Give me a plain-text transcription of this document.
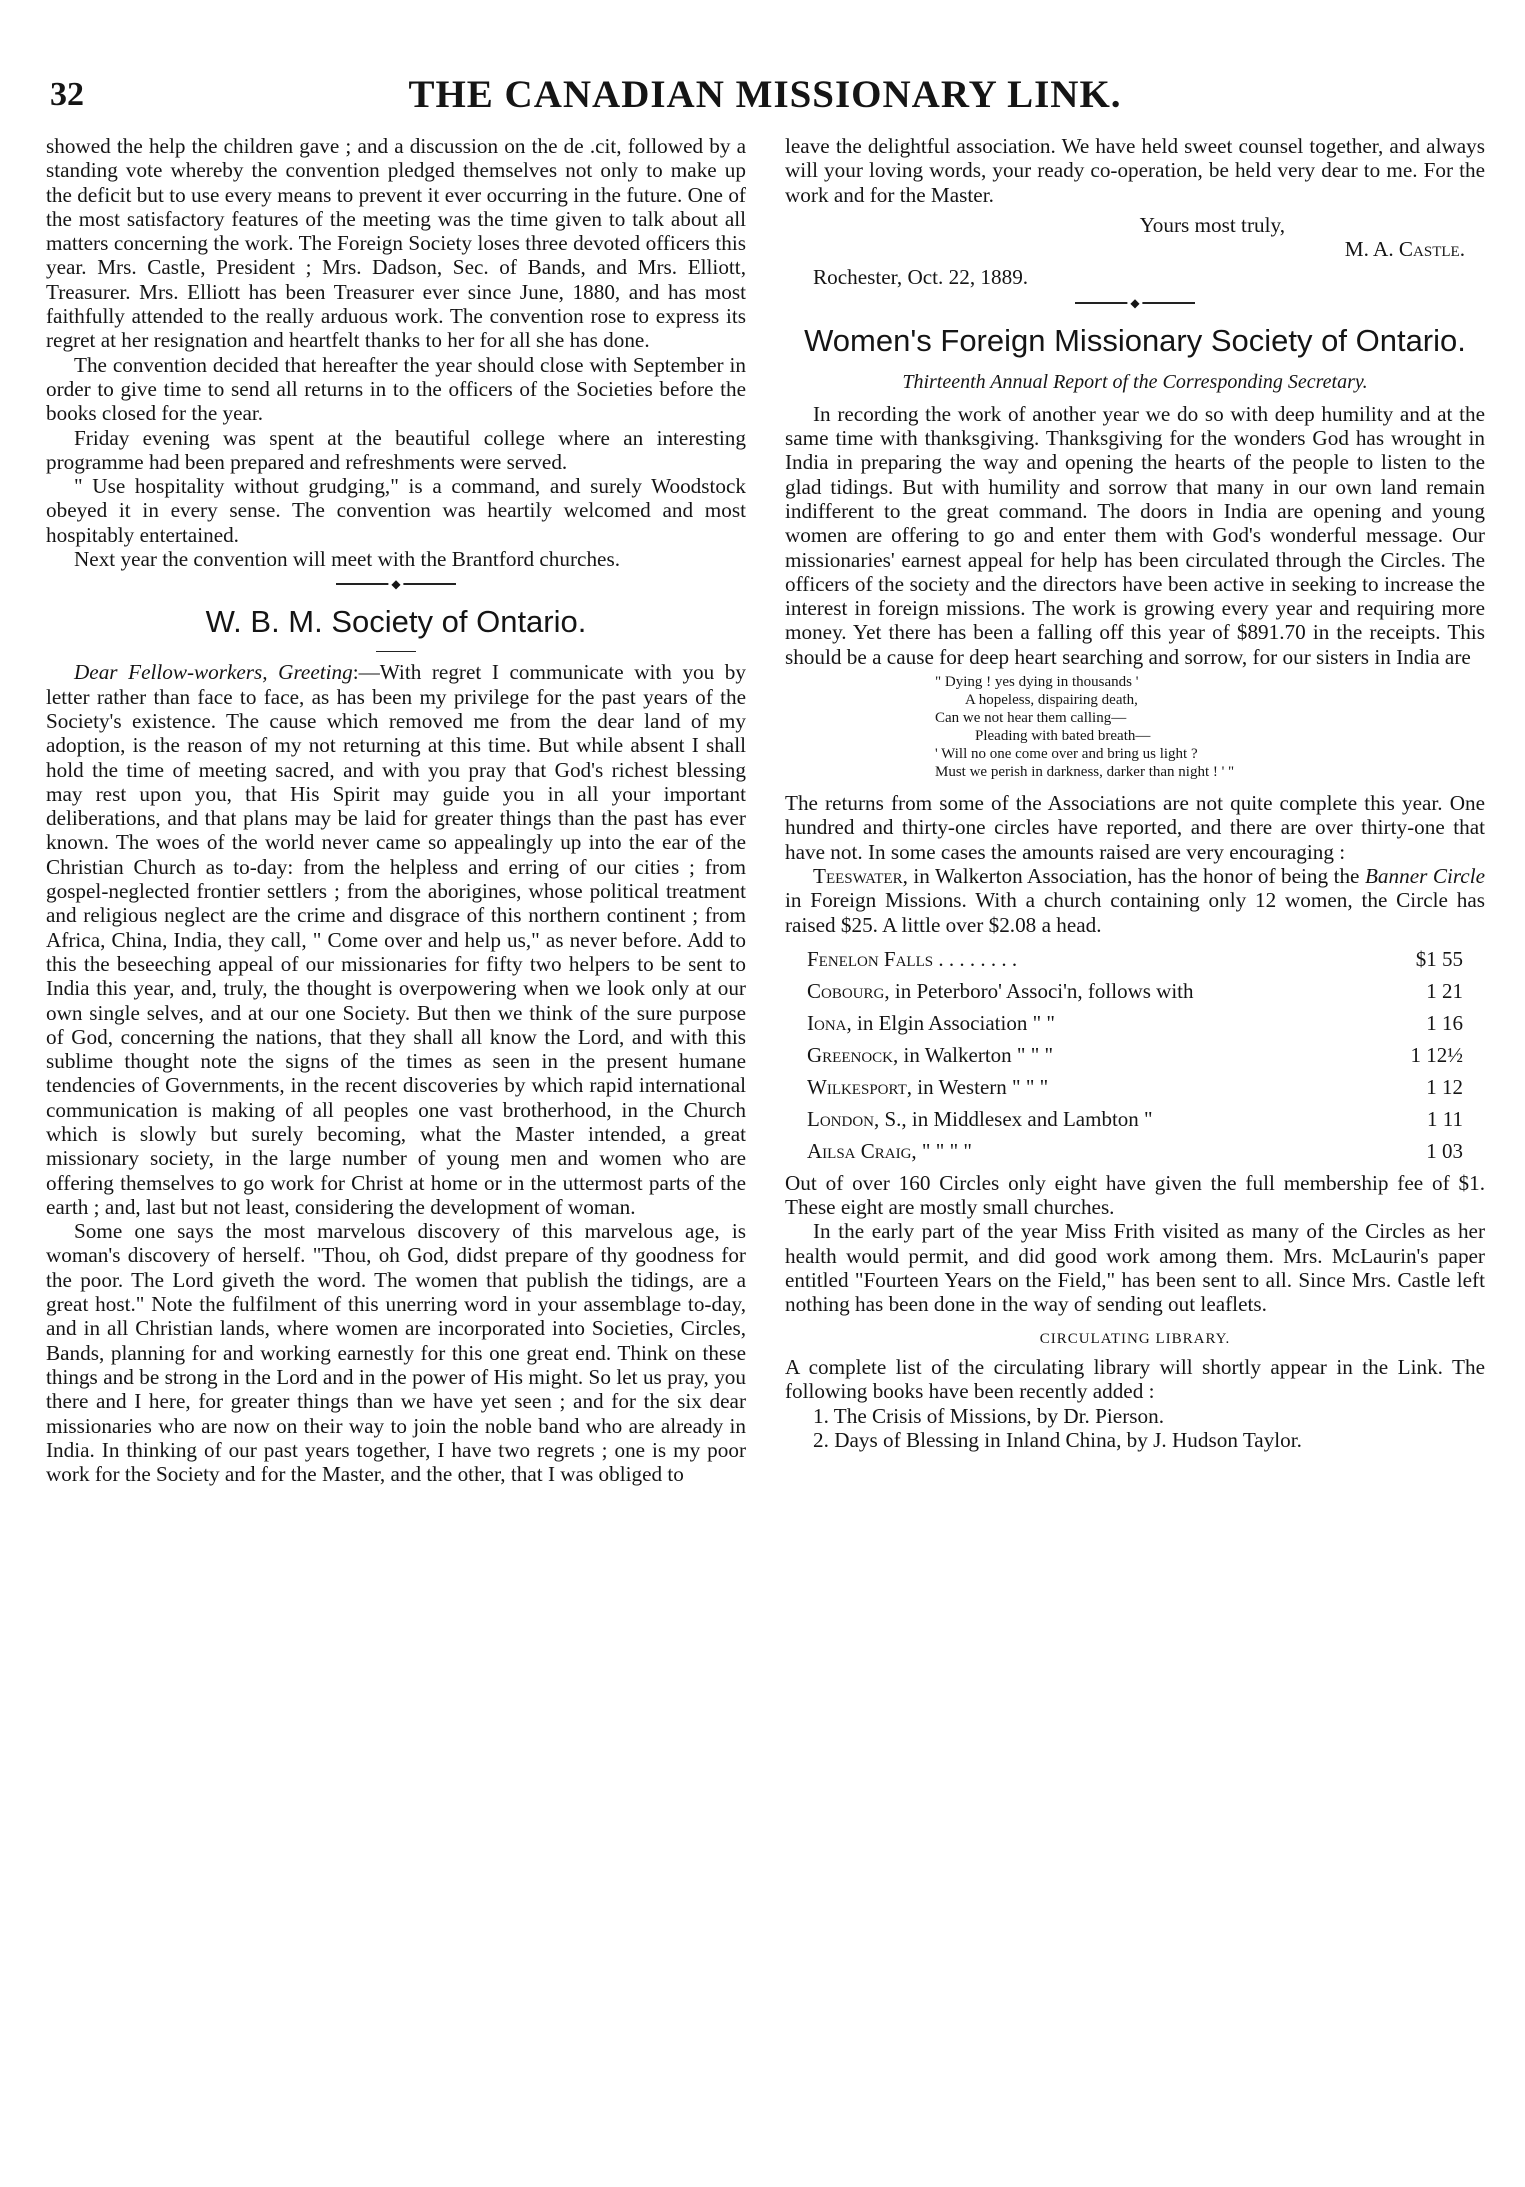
32	THE CANADIAN MISSIONARY LINK.

showed the help the children gave ; and a discussion on the de .cit, followed by a standing vote whereby the convention pledged themselves not only to make up the deficit but to use every means to prevent it ever occurring in the future. One of the most satisfactory features of the meeting was the time given to talk about all matters concerning the work. The Foreign Society loses three devoted officers this year. Mrs. Castle, President ; Mrs. Dadson, Sec. of Bands, and Mrs. Elliott, Treasurer. Mrs. Elliott has been Treasurer ever since June, 1880, and has most faithfully attended to the really arduous work. The convention rose to express its regret at her resignation and heartfelt thanks to her for all she has done.

The convention decided that hereafter the year should close with September in order to give time to send all returns in to the officers of the Societies before the books closed for the year.

Friday evening was spent at the beautiful college where an interesting programme had been prepared and refreshments were served.

" Use hospitality without grudging," is a command, and surely Woodstock obeyed it in every sense. The convention was heartily welcomed and most hospitably entertained.

Next year the convention will meet with the Brantford churches.

◆
W. B. M. Society of Ontario.

Dear Fellow-workers, Greeting:—With regret I communicate with you by letter rather than face to face, as has been my privilege for the past years of the Society's existence. The cause which removed me from the dear land of my adoption, is the reason of my not returning at this time. But while absent I shall hold the time of meeting sacred, and with you pray that God's richest blessing may rest upon you, that His Spirit may guide you in all your important deliberations, and that plans may be laid for greater things than the past has ever known. The woes of the world never came so appealingly up into the ear of the Christian Church as to-day: from the helpless and erring of our cities ; from gospel-neglected frontier settlers ; from the aborigines, whose political treatment and religious neglect are the crime and disgrace of this northern continent ; from Africa, China, India, they call, " Come over and help us," as never before. Add to this the beseeching appeal of our missionaries for fifty two helpers to be sent to India this year, and, truly, the thought is overpowering when we look only at our own single selves, and at our one Society. But then we think of the sure purpose of God, concerning the nations, that they shall all know the Lord, and with this sublime thought note the signs of the times as seen in the present humane tendencies of Governments, in the recent discoveries by which rapid international communication is making of all peoples one vast brotherhood, in the Church which is slowly but surely becoming, what the Master intended, a great missionary society, in the large number of young men and women who are offering themselves to go work for Christ at home or in the uttermost parts of the earth ; and, last but not least, considering the development of woman.

Some one says the most marvelous discovery of this marvelous age, is woman's discovery of herself. "Thou, oh God, didst prepare of thy goodness for the poor. The Lord giveth the word. The women that publish the tidings, are a great host." Note the fulfilment of this unerring word in your assemblage to-day, and in all Christian lands, where women are incorporated into Societies, Circles, Bands, planning for and working earnestly for this one great end. Think on these things and be strong in the Lord and in the power of His might. So let us pray, you there and I here, for greater things than we have yet seen ; and for the six dear missionaries who are now on their way to join the noble band who are already in India. In thinking of our past years together, I have two regrets ; one is my poor work for the Society and for the Master, and the other, that I was obliged to

leave the delightful association. We have held sweet counsel together, and always will your loving words, your ready co-operation, be held very dear to me. For the work and for the Master.

Yours most truly,
M. A. Castle.
Rochester, Oct. 22, 1889.
◆
Women's Foreign Missionary Society of Ontario.
Thirteenth Annual Report of the Corresponding Secretary.

In recording the work of another year we do so with deep humility and at the same time with thanksgiving. Thanksgiving for the wonders God has wrought in India in preparing the way and opening the hearts of the people to listen to the glad tidings. But with humility and sorrow that many in our own land remain indifferent to the great command. The doors in India are opening and young women are offering to go and enter them with God's wonderful message. Our missionaries' earnest appeal for help has been circulated through the Circles. The officers of the society and the directors have been active in seeking to increase the interest in foreign missions. The work is growing every year and requiring more money. Yet there has been a falling off this year of $891.70 in the receipts. This should be a cause for deep heart searching and sorrow, for our sisters in India are

" Dying ! yes dying in thousands '
A hopeless, dispairing death,
Can we not hear them calling—
Pleading with bated breath—
' Will no one come over and bring us light ?
Must we perish in darkness, darker than night ! ' "

The returns from some of the Associations are not quite complete this year. One hundred and thirty-one circles have reported, and there are over thirty-one that have not. In some cases the amounts raised are very encouraging :

Teeswater, in Walkerton Association, has the honor of being the Banner Circle in Foreign Missions. With a church containing only 12 women, the Circle has raised $25. A little over $2.08 a head.

Fenelon Falls . . . . . . . .	$1 55
Cobourg, in Peterboro' Associ'n, follows with	1 21
Iona, in Elgin Association " "	1 16
Greenock, in Walkerton " " "	1 12½
Wilkesport, in Western " " "	1 12
London, S., in Middlesex and Lambton "	1 11
Ailsa Craig, " " " "	1 03

Out of over 160 Circles only eight have given the full membership fee of $1. These eight are mostly small churches.

In the early part of the year Miss Frith visited as many of the Circles as her health would permit, and did good work among them. Mrs. McLaurin's paper entitled "Fourteen Years on the Field," has been sent to all. Since Mrs. Castle left nothing has been done in the way of sending out leaflets.

CIRCULATING LIBRARY.

A complete list of the circulating library will shortly appear in the Link. The following books have been recently added :

1. The Crisis of Missions, by Dr. Pierson.
2. Days of Blessing in Inland China, by J. Hudson Taylor.
